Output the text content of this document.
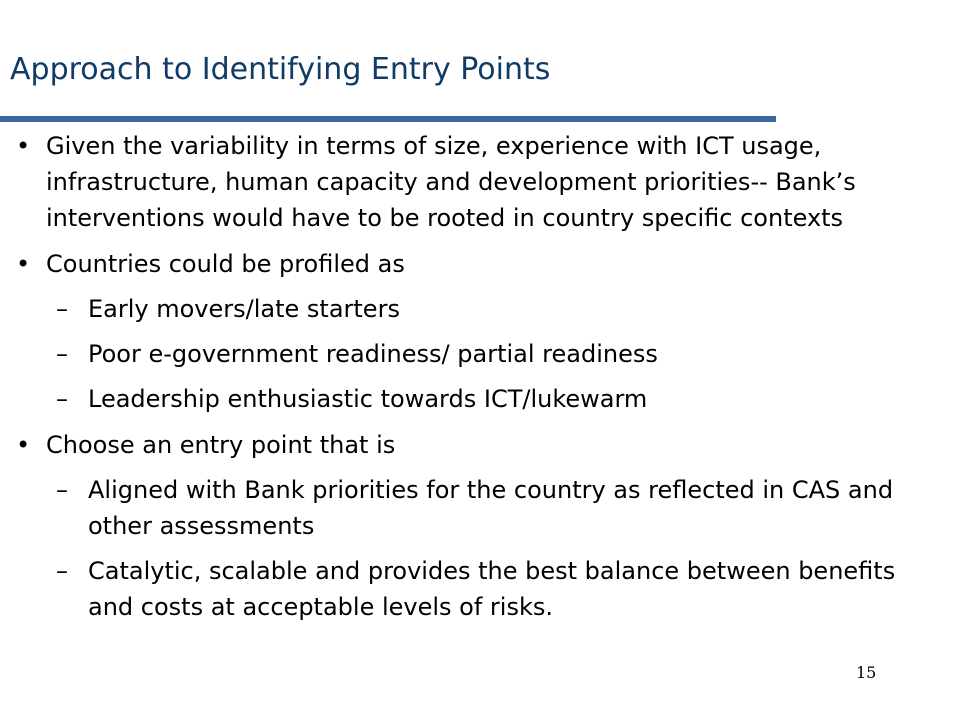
Approach to Identifying Entry Points
• Given the variability in terms of size, experience with ICT usage, infrastructure, human capacity and development priorities-- Bank’s interventions would have to be rooted in country specific contexts
• Countries could be profiled as
– Early movers/late starters
– Poor e-government readiness/ partial readiness
– Leadership enthusiastic towards ICT/lukewarm
• Choose an entry point that is
– Aligned with Bank priorities for the country as reflected in CAS and other assessments
– Catalytic, scalable and provides the best balance between benefits and costs at acceptable levels of risks.
15
